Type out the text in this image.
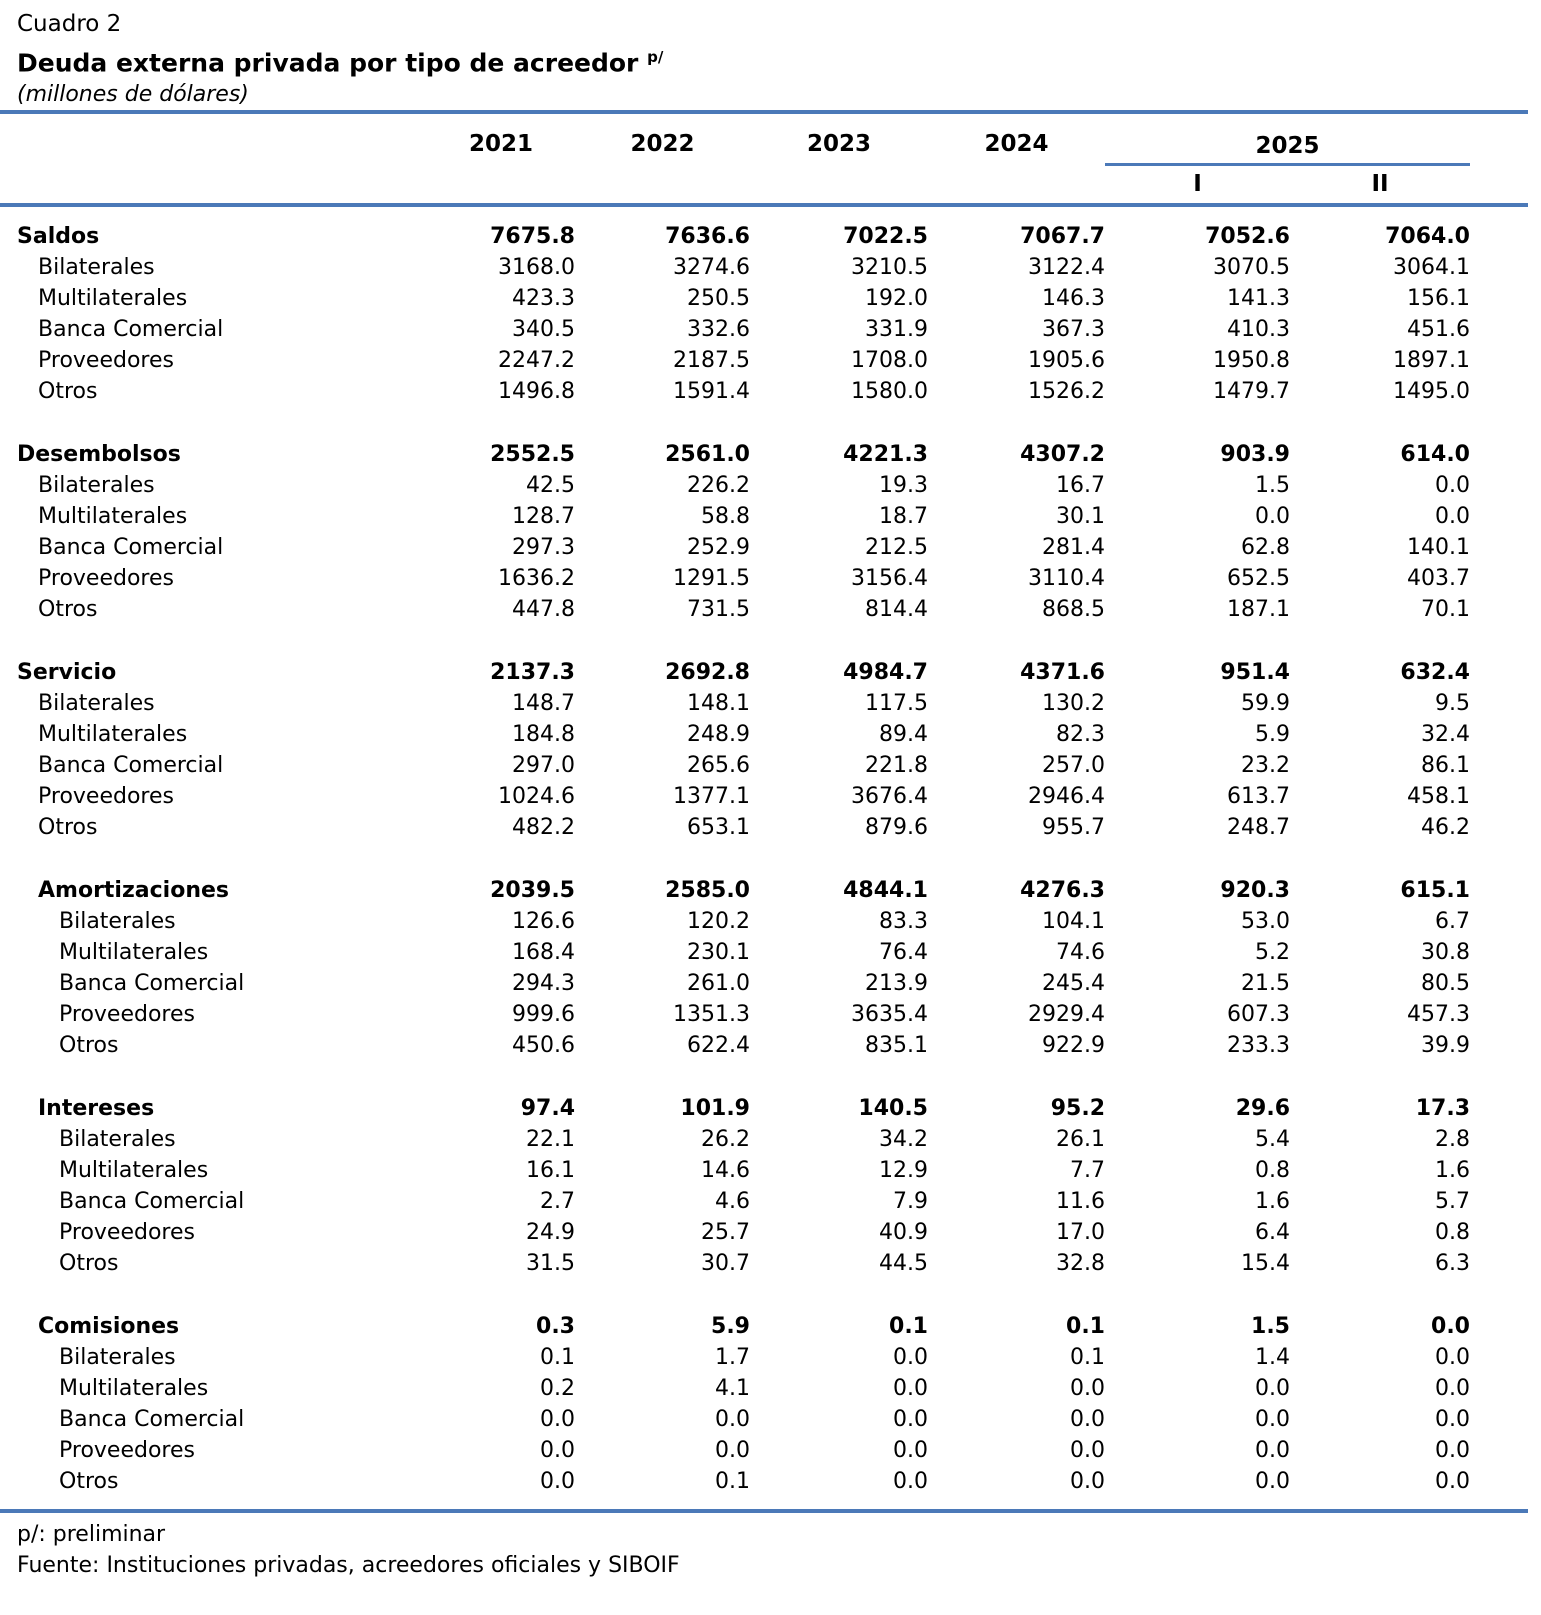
Cuadro 2
Deuda externa privada por tipo de acreedor $^{p/}$
(millones de dólares)
2021	2022	2023	2024	2025
I	II
Saldos	7675.8	7636.6	7022.5	7067.7	7052.6	7064.0
Bilaterales	3168.0	3274.6	3210.5	3122.4	3070.5	3064.1
Multilaterales	423.3	250.5	192.0	146.3	141.3	156.1
Banca Comercial	340.5	332.6	331.9	367.3	410.3	451.6
Proveedores	2247.2	2187.5	1708.0	1905.6	1950.8	1897.1
Otros	1496.8	1591.4	1580.0	1526.2	1479.7	1495.0
Desembolsos	2552.5	2561.0	4221.3	4307.2	903.9	614.0
Bilaterales	42.5	226.2	19.3	16.7	1.5	0.0
Multilaterales	128.7	58.8	18.7	30.1	0.0	0.0
Banca Comercial	297.3	252.9	212.5	281.4	62.8	140.1
Proveedores	1636.2	1291.5	3156.4	3110.4	652.5	403.7
Otros	447.8	731.5	814.4	868.5	187.1	70.1
Servicio	2137.3	2692.8	4984.7	4371.6	951.4	632.4
Bilaterales	148.7	148.1	117.5	130.2	59.9	9.5
Multilaterales	184.8	248.9	89.4	82.3	5.9	32.4
Banca Comercial	297.0	265.6	221.8	257.0	23.2	86.1
Proveedores	1024.6	1377.1	3676.4	2946.4	613.7	458.1
Otros	482.2	653.1	879.6	955.7	248.7	46.2
Amortizaciones	2039.5	2585.0	4844.1	4276.3	920.3	615.1
Bilaterales	126.6	120.2	83.3	104.1	53.0	6.7
Multilaterales	168.4	230.1	76.4	74.6	5.2	30.8
Banca Comercial	294.3	261.0	213.9	245.4	21.5	80.5
Proveedores	999.6	1351.3	3635.4	2929.4	607.3	457.3
Otros	450.6	622.4	835.1	922.9	233.3	39.9
Intereses	97.4	101.9	140.5	95.2	29.6	17.3
Bilaterales	22.1	26.2	34.2	26.1	5.4	2.8
Multilaterales	16.1	14.6	12.9	7.7	0.8	1.6
Banca Comercial	2.7	4.6	7.9	11.6	1.6	5.7
Proveedores	24.9	25.7	40.9	17.0	6.4	0.8
Otros	31.5	30.7	44.5	32.8	15.4	6.3
Comisiones	0.3	5.9	0.1	0.1	1.5	0.0
Bilaterales	0.1	1.7	0.0	0.1	1.4	0.0
Multilaterales	0.2	4.1	0.0	0.0	0.0	0.0
Banca Comercial	0.0	0.0	0.0	0.0	0.0	0.0
Proveedores	0.0	0.0	0.0	0.0	0.0	0.0
Otros	0.0	0.1	0.0	0.0	0.0	0.0
p/: preliminar
Fuente: Instituciones privadas, acreedores oficiales y SIBOIF
